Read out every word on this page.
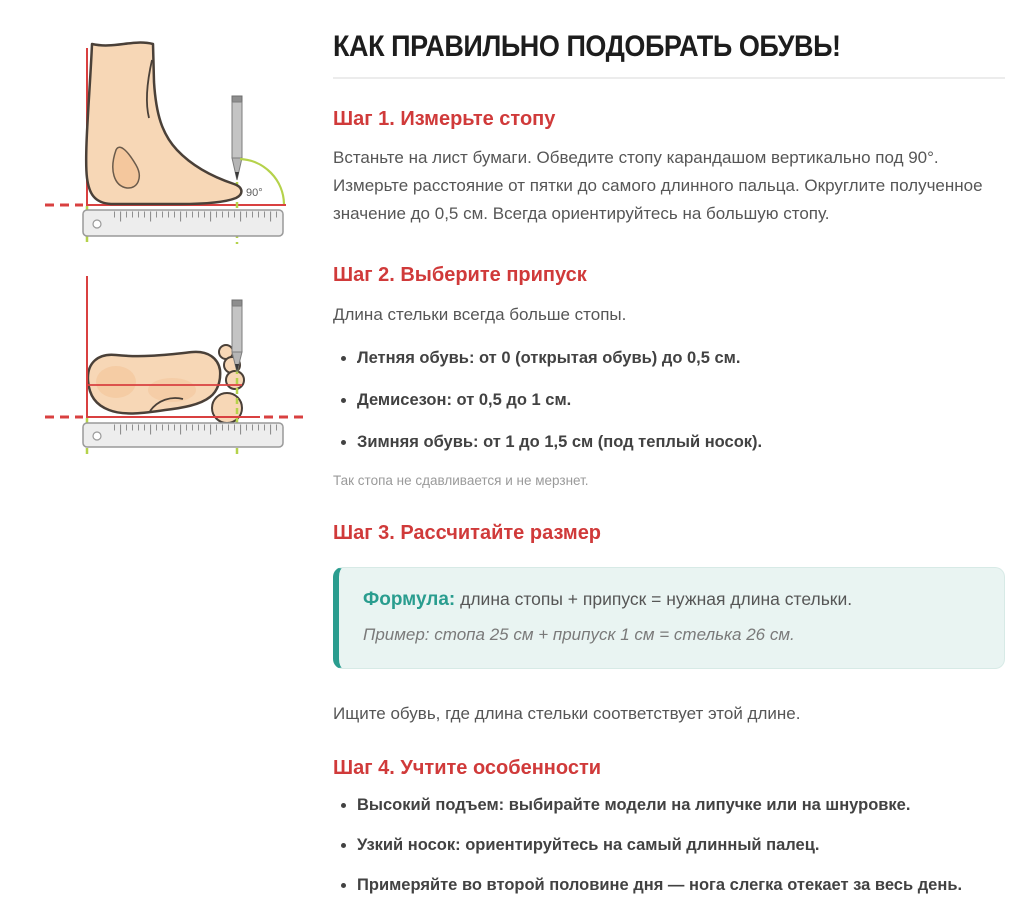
90°
КАК ПРАВИЛЬНО ПОДОБРАТЬ ОБУВЬ!
Шаг 1. Измерьте стопу

Встаньте на лист бумаги. Обведите стопу карандашом вертикально под 90°. Измерьте расстояние от пятки до самого длинного пальца. Округлите полученное значение до 0,5 см. Всегда ориентируйтесь на большую стопу.

Шаг 2. Выберите припуск

Длина стельки всегда больше стопы.

• Летняя обувь: от 0 (открытая обувь) до 0,5 см.
• Демисезон: от 0,5 до 1 см.
• Зимняя обувь: от 1 до 1,5 см (под теплый носок).

Так стопа не сдавливается и не мерзнет.

Шаг 3. Рассчитайте размер

Формула: длина стопы + припуск = нужная длина стельки.

Пример: стопа 25 см + припуск 1 см = стелька 26 см.

Ищите обувь, где длина стельки соответствует этой длине.

Шаг 4. Учтите особенности
• Высокий подъем: выбирайте модели на липучке или на шнуровке.
• Узкий носок: ориентируйтесь на самый длинный палец.
• Примеряйте во второй половине дня — нога слегка отекает за весь день.
